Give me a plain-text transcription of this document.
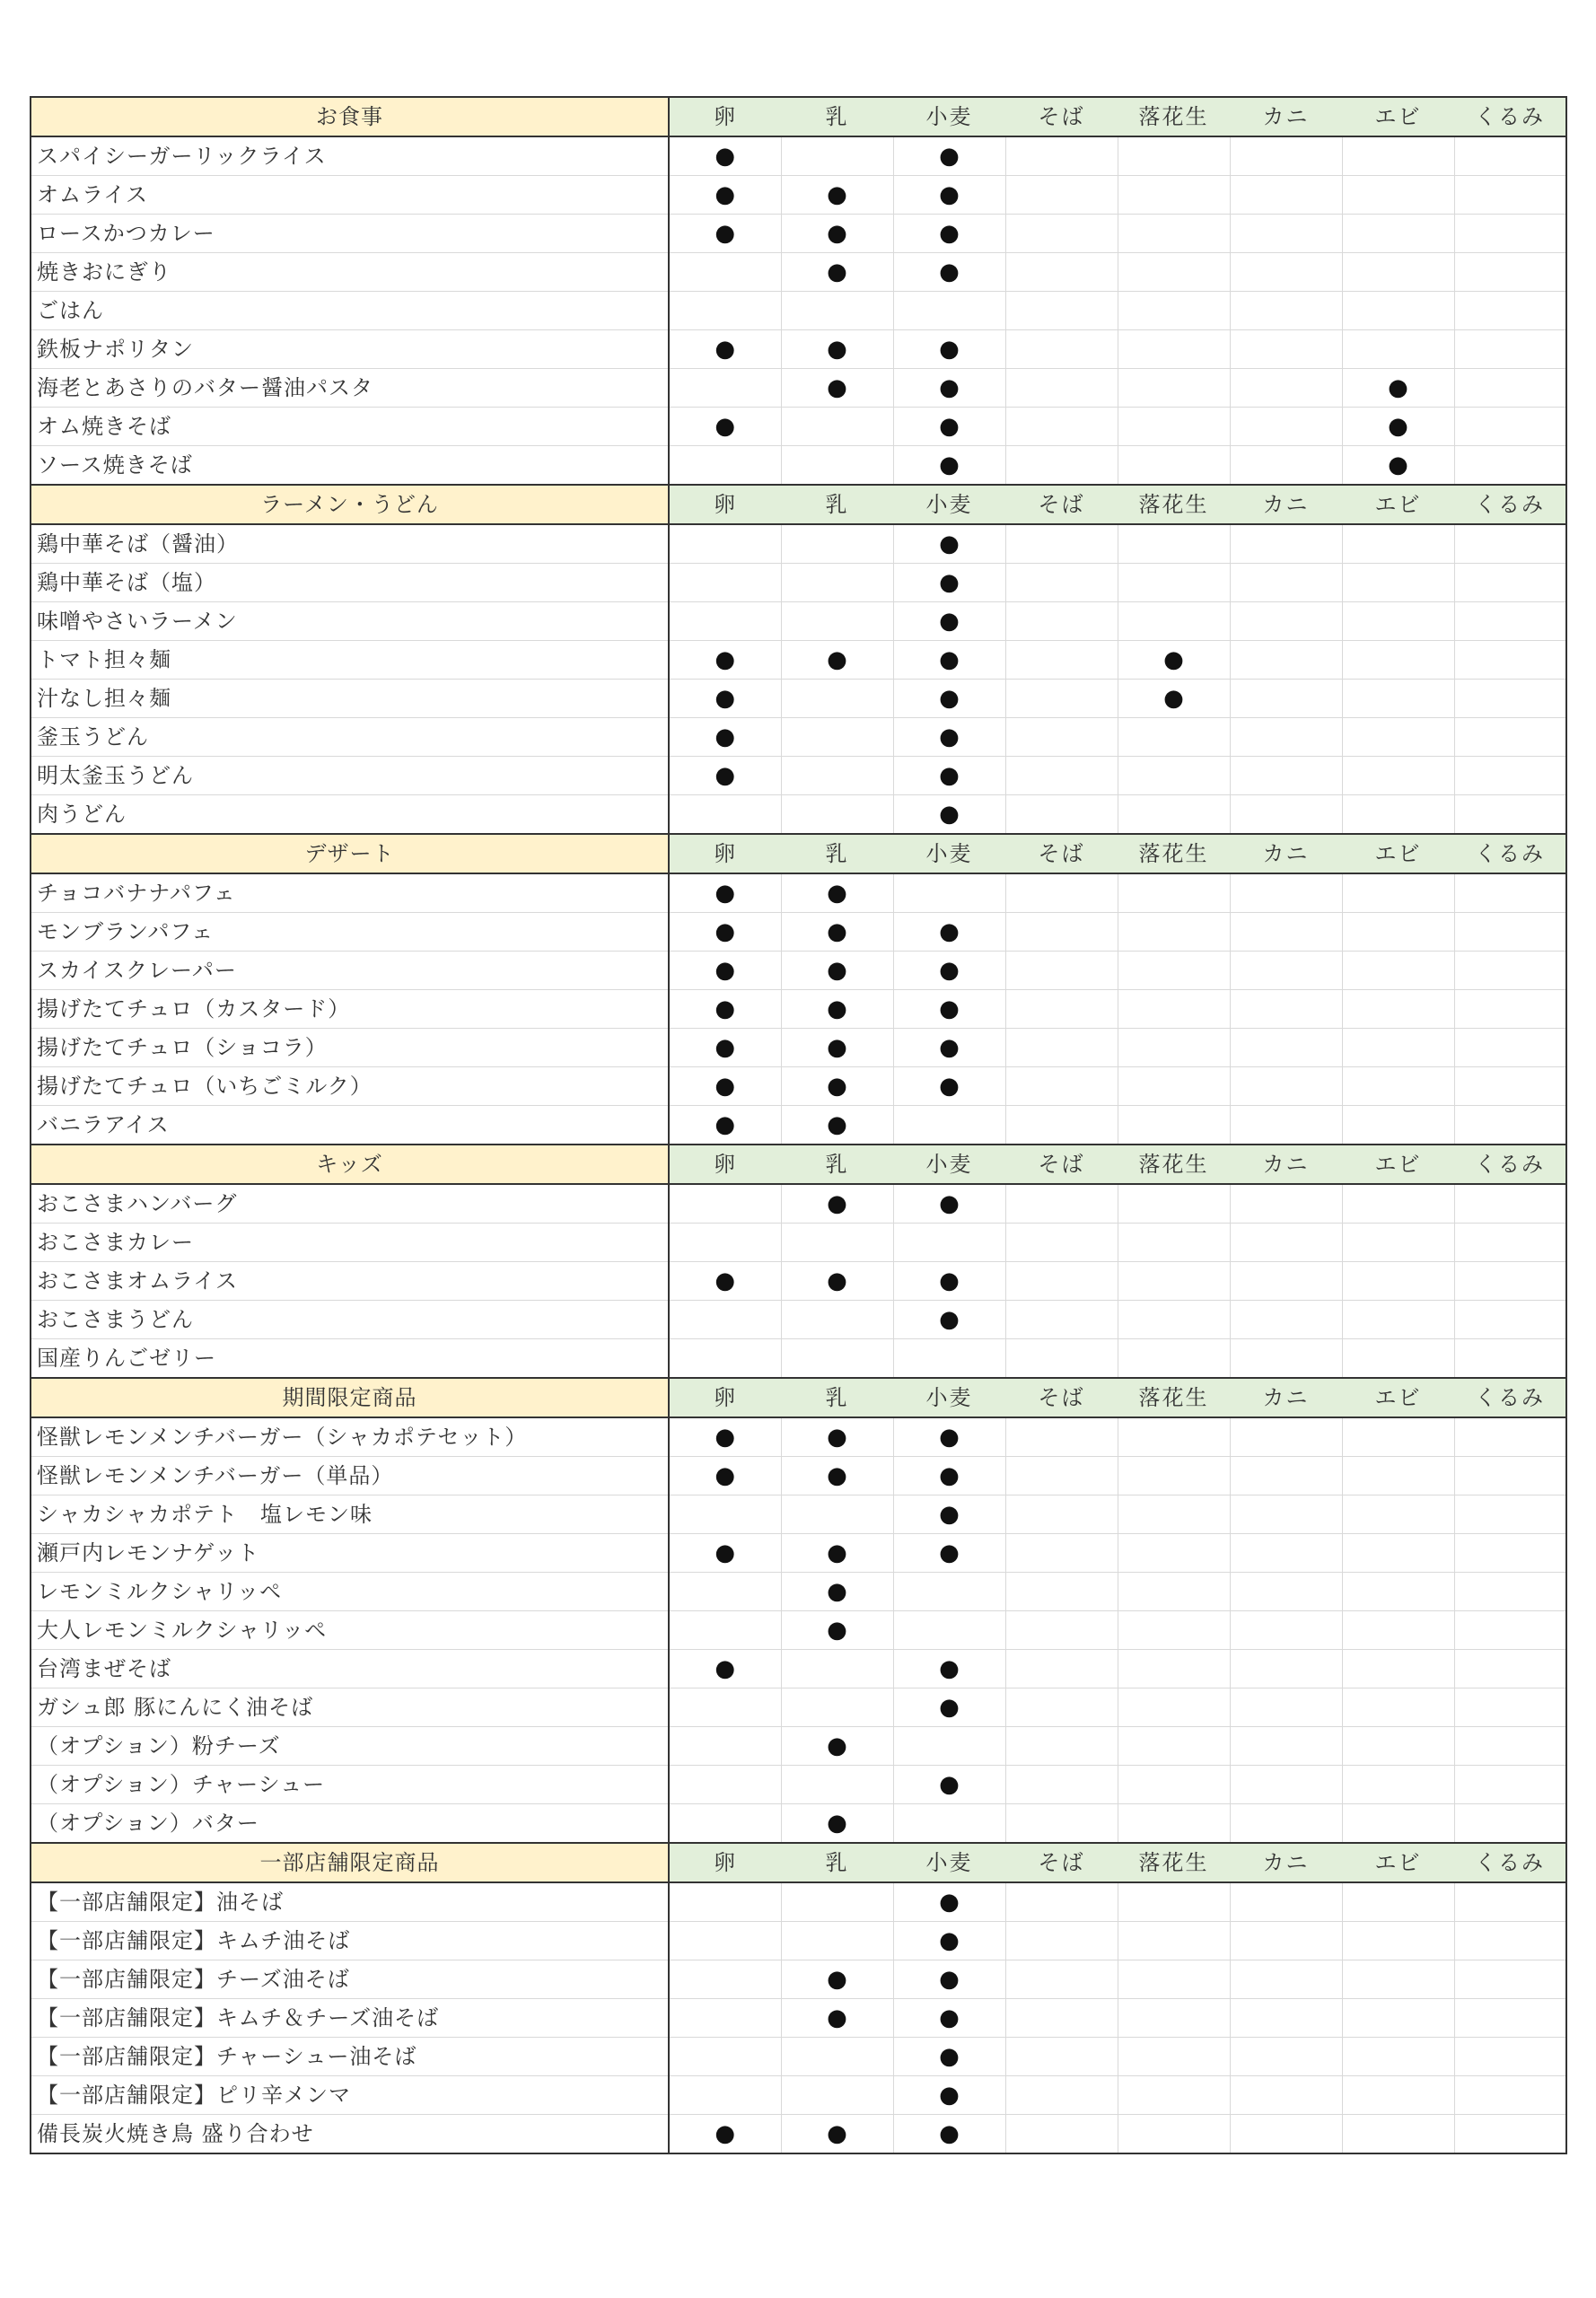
お食事	卵	乳	小麦	そば	落花生	カニ	エビ	くるみ
スパイシーガーリックライス	●		●					
オムライス	●	●	●					
ロースかつカレー	●	●	●					
焼きおにぎり		●	●					
ごはん								
鉄板ナポリタン	●	●	●					
海老とあさりのバター醤油パスタ		●	●				●	
オム焼きそば	●		●				●	
ソース焼きそば			●				●	
ラーメン・うどん	卵	乳	小麦	そば	落花生	カニ	エビ	くるみ
鶏中華そば（醤油）			●					
鶏中華そば（塩）			●					
味噌やさいラーメン			●					
トマト担々麺	●	●	●		●			
汁なし担々麺	●		●		●			
釜玉うどん	●		●					
明太釜玉うどん	●		●					
肉うどん			●					
デザート	卵	乳	小麦	そば	落花生	カニ	エビ	くるみ
チョコバナナパフェ	●	●						
モンブランパフェ	●	●	●					
スカイスクレーパー	●	●	●					
揚げたてチュロ（カスタード）	●	●	●					
揚げたてチュロ（ショコラ）	●	●	●					
揚げたてチュロ（いちごミルク）	●	●	●					
バニラアイス	●	●						
キッズ	卵	乳	小麦	そば	落花生	カニ	エビ	くるみ
おこさまハンバーグ		●	●					
おこさまカレー								
おこさまオムライス	●	●	●					
おこさまうどん			●					
国産りんごゼリー								
期間限定商品	卵	乳	小麦	そば	落花生	カニ	エビ	くるみ
怪獣レモンメンチバーガー（シャカポテセット）	●	●	●					
怪獣レモンメンチバーガー（単品）	●	●	●					
シャカシャカポテト　塩レモン味			●					
瀬戸内レモンナゲット	●	●	●					
レモンミルクシャリッペ		●						
大人レモンミルクシャリッペ		●						
台湾まぜそば	●		●					
ガシュ郎 豚にんにく油そば			●					
（オプション）粉チーズ		●						
（オプション）チャーシュー			●					
（オプション）バター		●						
一部店舗限定商品	卵	乳	小麦	そば	落花生	カニ	エビ	くるみ
【一部店舗限定】油そば			●					
【一部店舗限定】キムチ油そば			●					
【一部店舗限定】チーズ油そば		●	●					
【一部店舗限定】キムチ＆チーズ油そば		●	●					
【一部店舗限定】チャーシュー油そば			●					
【一部店舗限定】ピリ辛メンマ			●					
備長炭火焼き鳥 盛り合わせ	●	●	●					
